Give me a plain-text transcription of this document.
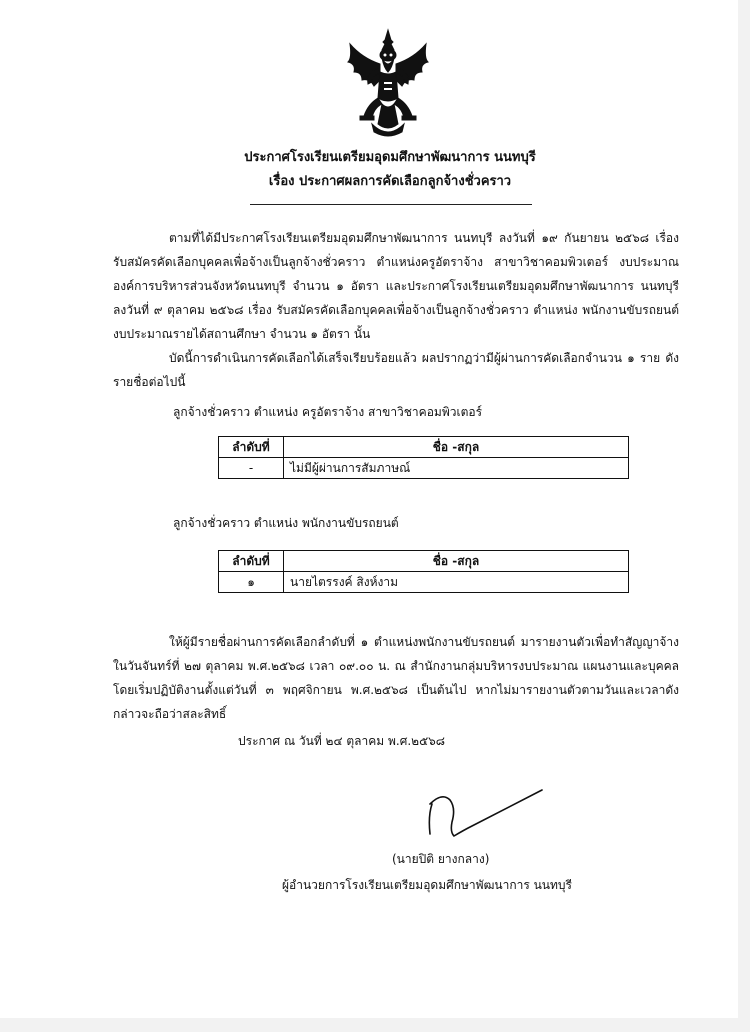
ประกาศโรงเรียนเตรียมอุดมศึกษาพัฒนาการ นนทบุรี
เรื่อง ประกาศผลการคัดเลือกลูกจ้างชั่วคราว
ตามที่ได้มีประกาศโรงเรียนเตรียมอุดมศึกษาพัฒนาการ นนทบุรี ลงวันที่ ๑๙ กันยายน ๒๕๖๘ เรื่อง รับสมัครคัดเลือกบุคคลเพื่อจ้างเป็นลูกจ้างชั่วคราว ตำแหน่งครูอัตราจ้าง สาขาวิชาคอมพิวเตอร์ งบประมาณองค์การบริหารส่วนจังหวัดนนทบุรี จำนวน ๑ อัตรา และประกาศโรงเรียนเตรียมอุดมศึกษาพัฒนาการ นนทบุรี ลงวันที่ ๙ ตุลาคม ๒๕๖๘ เรื่อง รับสมัครคัดเลือกบุคคลเพื่อจ้างเป็นลูกจ้างชั่วคราว ตำแหน่ง พนักงานขับรถยนต์ งบประมาณรายได้สถานศึกษา จำนวน ๑ อัตรา นั้น
บัดนี้การดำเนินการคัดเลือกได้เสร็จเรียบร้อยแล้ว ผลปรากฏว่ามีผู้ผ่านการคัดเลือกจำนวน ๑ ราย ดังรายชื่อต่อไปนี้
ลูกจ้างชั่วคราว ตำแหน่ง ครูอัตราจ้าง สาขาวิชาคอมพิวเตอร์
ลำดับที่	ชื่อ -สกุล
-	ไม่มีผู้ผ่านการสัมภาษณ์
ลูกจ้างชั่วคราว ตำแหน่ง พนักงานขับรถยนต์
ลำดับที่	ชื่อ -สกุล
๑	นายไตรรงค์ สิงห์งาม
ให้ผู้มีรายชื่อผ่านการคัดเลือกลำดับที่ ๑ ตำแหน่งพนักงานขับรถยนต์ มารายงานตัวเพื่อทำสัญญาจ้างในวันจันทร์ที่ ๒๗ ตุลาคม พ.ศ.๒๕๖๘ เวลา ๐๙.๐๐ น. ณ สำนักงานกลุ่มบริหารงบประมาณ แผนงานและบุคคล โดยเริ่มปฏิบัติงานตั้งแต่วันที่ ๓ พฤศจิกายน พ.ศ.๒๕๖๘ เป็นต้นไป หากไม่มารายงานตัวตามวันและเวลาดังกล่าวจะถือว่าสละสิทธิ์
ประกาศ ณ วันที่ ๒๔ ตุลาคม พ.ศ.๒๕๖๘
(นายปิติ ยางกลาง)
ผู้อำนวยการโรงเรียนเตรียมอุดมศึกษาพัฒนาการ นนทบุรี
